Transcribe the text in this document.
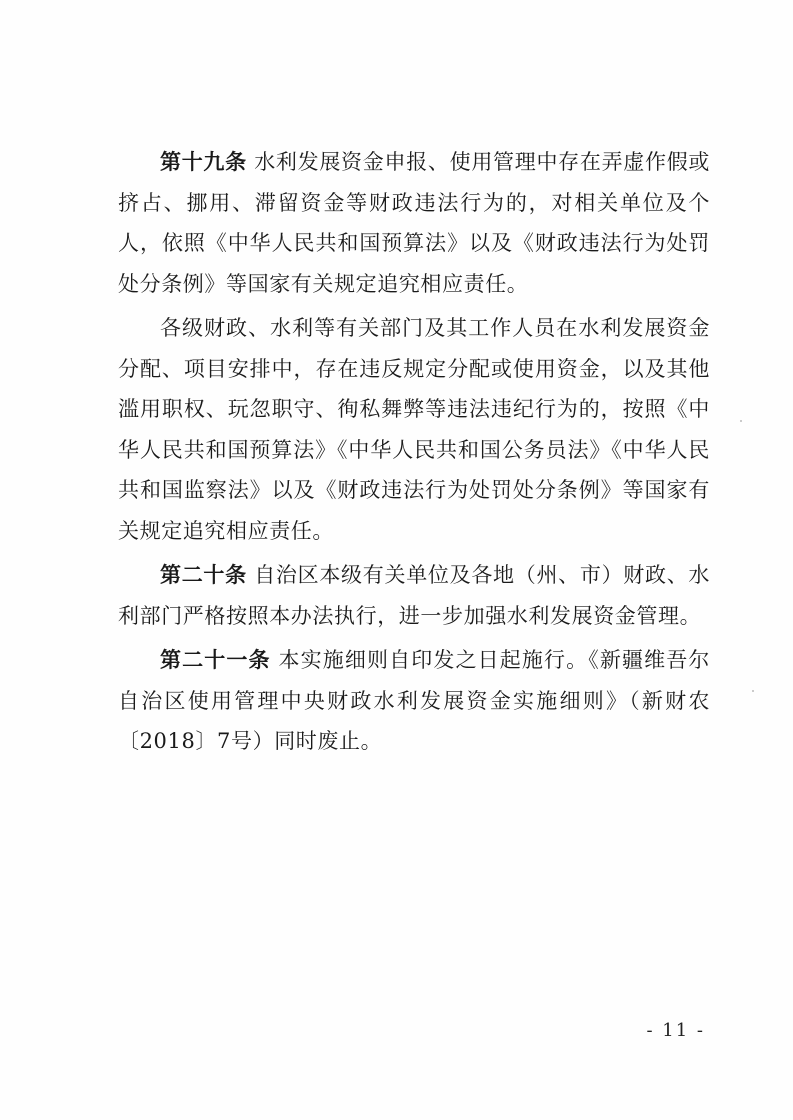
第十九条 水利发展资金申报、使用管理中存在弄虚作假或挤占、挪用、滞留资金等财政违法行为的，对相关单位及个人，依照《中华人民共和国预算法》以及《财政违法行为处罚处分条例》等国家有关规定追究相应责任。

各级财政、水利等有关部门及其工作人员在水利发展资金分配、项目安排中，存在违反规定分配或使用资金，以及其他滥用职权、玩忽职守、徇私舞弊等违法违纪行为的，按照《中华人民共和国预算法》《中华人民共和国公务员法》《中华人民共和国监察法》以及《财政违法行为处罚处分条例》等国家有关规定追究相应责任。

第二十条 自治区本级有关单位及各地（州、市）财政、水利部门严格按照本办法执行，进一步加强水利发展资金管理。

第二十一条 本实施细则自印发之日起施行。《新疆维吾尔自治区使用管理中央财政水利发展资金实施细则》（新财农〔2018〕7号）同时废止。

- 11 -
